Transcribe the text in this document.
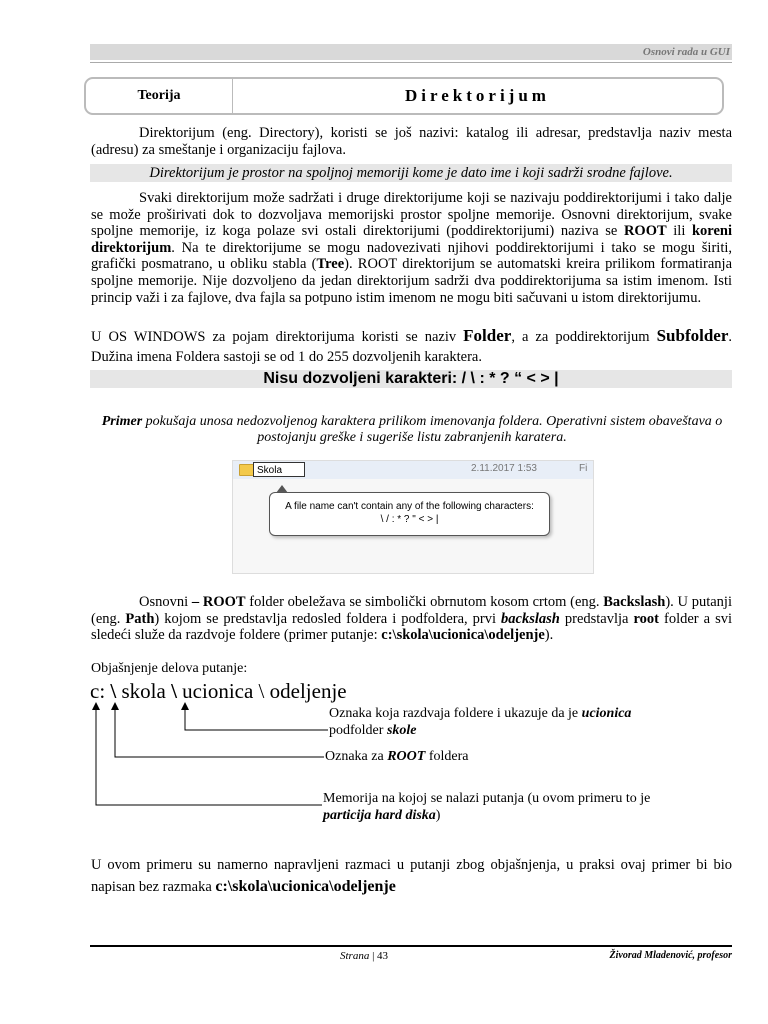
Osnovi rada u GUI
Teorija	Direktorijum

Direktorijum (eng. Directory), koristi se još nazivi: katalog ili adresar, predstavlja naziv mesta (adresu) za smeštanje i organizaciju fajlova.

Direktorijum je prostor na spoljnoj memoriji kome je dato ime i koji sadrži srodne fajlove.

Svaki direktorijum može sadržati i druge direktorijume koji se nazivaju poddirektorijumi i tako dalje se može proširivati dok to dozvoljava memorijski prostor spoljne memorije. Osnovni direktorijum, svake spoljne memorije, iz koga polaze svi ostali direktorijumi (poddirektorijumi) naziva se ROOT ili koreni direktorijum. Na te direktorijume se mogu nadovezivati njihovi poddirektorijumi i tako se mogu širiti, grafički posmatrano, u obliku stabla (Tree). ROOT direktorijum se automatski kreira prilikom formatiranja spoljne memorije. Nije dozvoljeno da jedan direktorijum sadrži dva poddirektorijuma sa istim imenom. Isti princip važi i za fajlove, dva fajla sa potpuno istim imenom ne mogu biti sačuvani u istom direktorijumu.

U OS WINDOWS za pojam direktorijuma koristi se naziv Folder, a za poddirektorijum Subfolder. Dužina imena Foldera sastoji se od 1 do 255 dozvoljenih karaktera.

Nisu dozvoljeni karakteri: / \ : * ? “ < > |
Primer pokušaja unosa nedozvoljenog karaktera prilikom imenovanja foldera. Operativni sistem obaveštava o postojanju greške i sugeriše listu zabranjenih karatera.
Skola	2.11.2017 1:53	Fi
A file name can't contain any of the following characters:
\ / : * ? " < > |

Osnovni – ROOT folder obeležava se simbolički obrnutom kosom crtom (eng. Backslash). U putanji (eng. Path) kojom se predstavlja redosled foldera i podfoldera, prvi backslash predstavlja root folder a svi sledeći služe da razdvoje foldere (primer putanje: c:\skola\ucionica\odeljenje).

Objašnjenje delova putanje:
c: \ skola \ ucionica \ odeljenje
Oznaka koja razdvaja foldere i ukazuje da je ucionica
podfolder skole
Oznaka za ROOT foldera
Memorija na kojoj se nalazi putanja (u ovom primeru to je
particija hard diska)

U ovom primeru su namerno napravljeni razmaci u putanji zbog objašnjenja, u praksi ovaj primer bi bio napisan bez razmaka c:\skola\ucionica\odeljenje

Strana | 43	Živorad Mladenović, profesor
